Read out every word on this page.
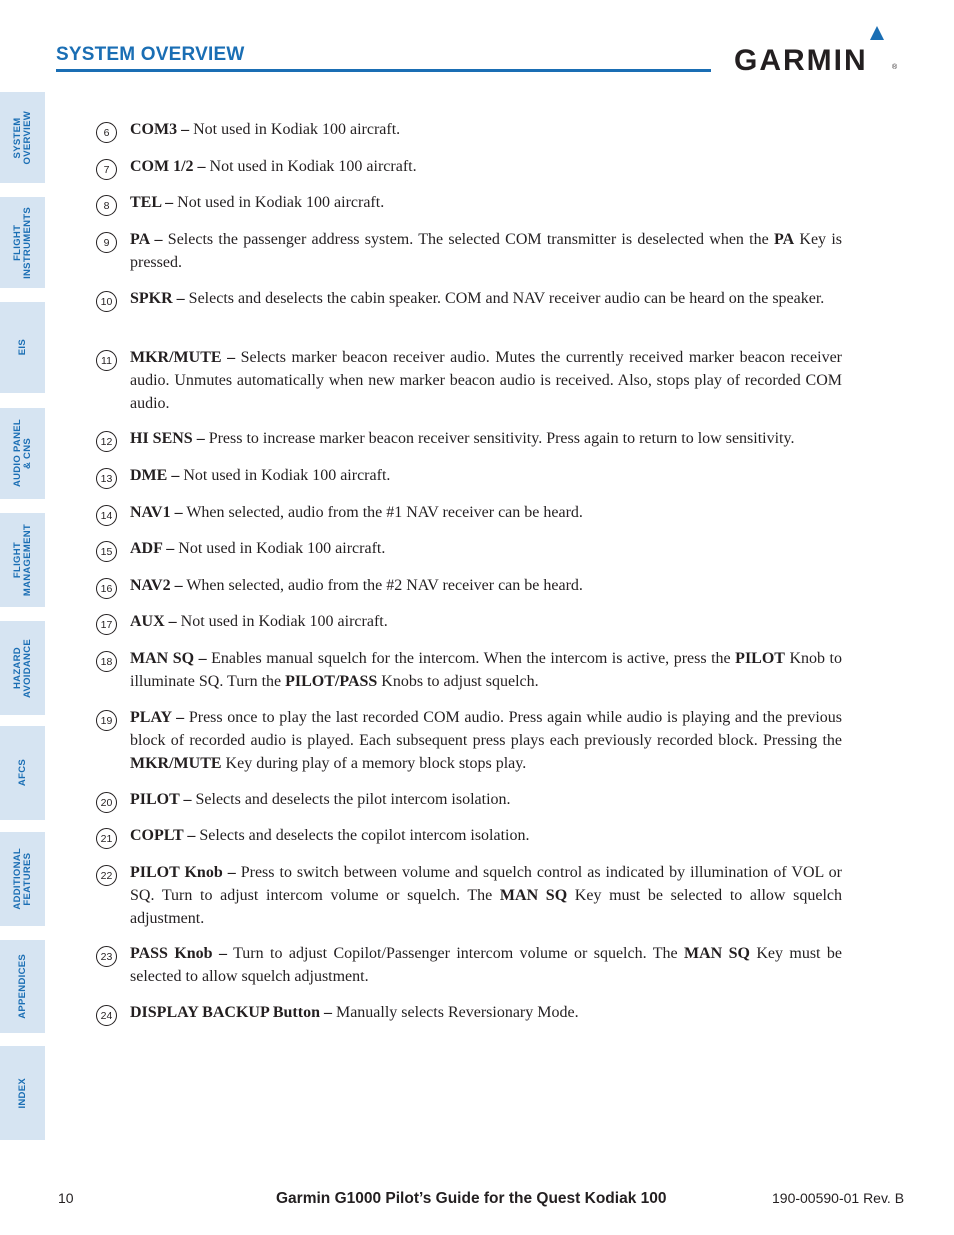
SYSTEM OVERVIEW	GARMIN	®
SYSTEM
OVERVIEW
FLIGHT
INSTRUMENTS
EIS
AUDIO PANEL
& CNS
FLIGHT
MANAGEMENT
HAZARD
AVOIDANCE
AFCS
ADDITIONAL
FEATURES
APPENDICES
INDEX
6	COM3 – Not used in Kodiak 100 aircraft.
7	COM 1/2 – Not used in Kodiak 100 aircraft.
8	TEL – Not used in Kodiak 100 aircraft.
9	PA – Selects the passenger address system. The selected COM transmitter is deselected when the PA Key is pressed.
10 SPKR – Selects and deselects the cabin speaker. COM and NAV receiver audio can be heard on the speaker.
11	MKR/MUTE – Selects marker beacon receiver audio. Mutes the currently received marker beacon receiver audio. Unmutes automatically when new marker beacon audio is received. Also, stops play of recorded COM audio.
12 HI SENS – Press to increase marker beacon receiver sensitivity. Press again to return to low sensitivity.
13 DME – Not used in Kodiak 100 aircraft.
14 NAV1 – When selected, audio from the #1 NAV receiver can be heard.
15 ADF – Not used in Kodiak 100 aircraft.
16 NAV2 – When selected, audio from the #2 NAV receiver can be heard.
17 AUX – Not used in Kodiak 100 aircraft.
18 MAN SQ – Enables manual squelch for the intercom. When the intercom is active, press the PILOT Knob to illuminate SQ. Turn the PILOT/PASS Knobs to adjust squelch.
19 PLAY – Press once to play the last recorded COM audio. Press again while audio is playing and the previous block of recorded audio is played. Each subsequent press plays each previously recorded block. Pressing the MKR/MUTE Key during play of a memory block stops play.
20 PILOT – Selects and deselects the pilot intercom isolation.
21 COPLT – Selects and deselects the copilot intercom isolation.
22 PILOT Knob – Press to switch between volume and squelch control as indicated by illumination of VOL or SQ. Turn to adjust intercom volume or squelch. The MAN SQ Key must be selected to allow squelch adjustment.
23 PASS Knob – Turn to adjust Copilot/Passenger intercom volume or squelch. The MAN SQ Key must be selected to allow squelch adjustment.
24 DISPLAY BACKUP Button – Manually selects Reversionary Mode.
10	Garmin G1000 Pilot’s Guide for the Quest Kodiak 100	190-00590-01 Rev. B
